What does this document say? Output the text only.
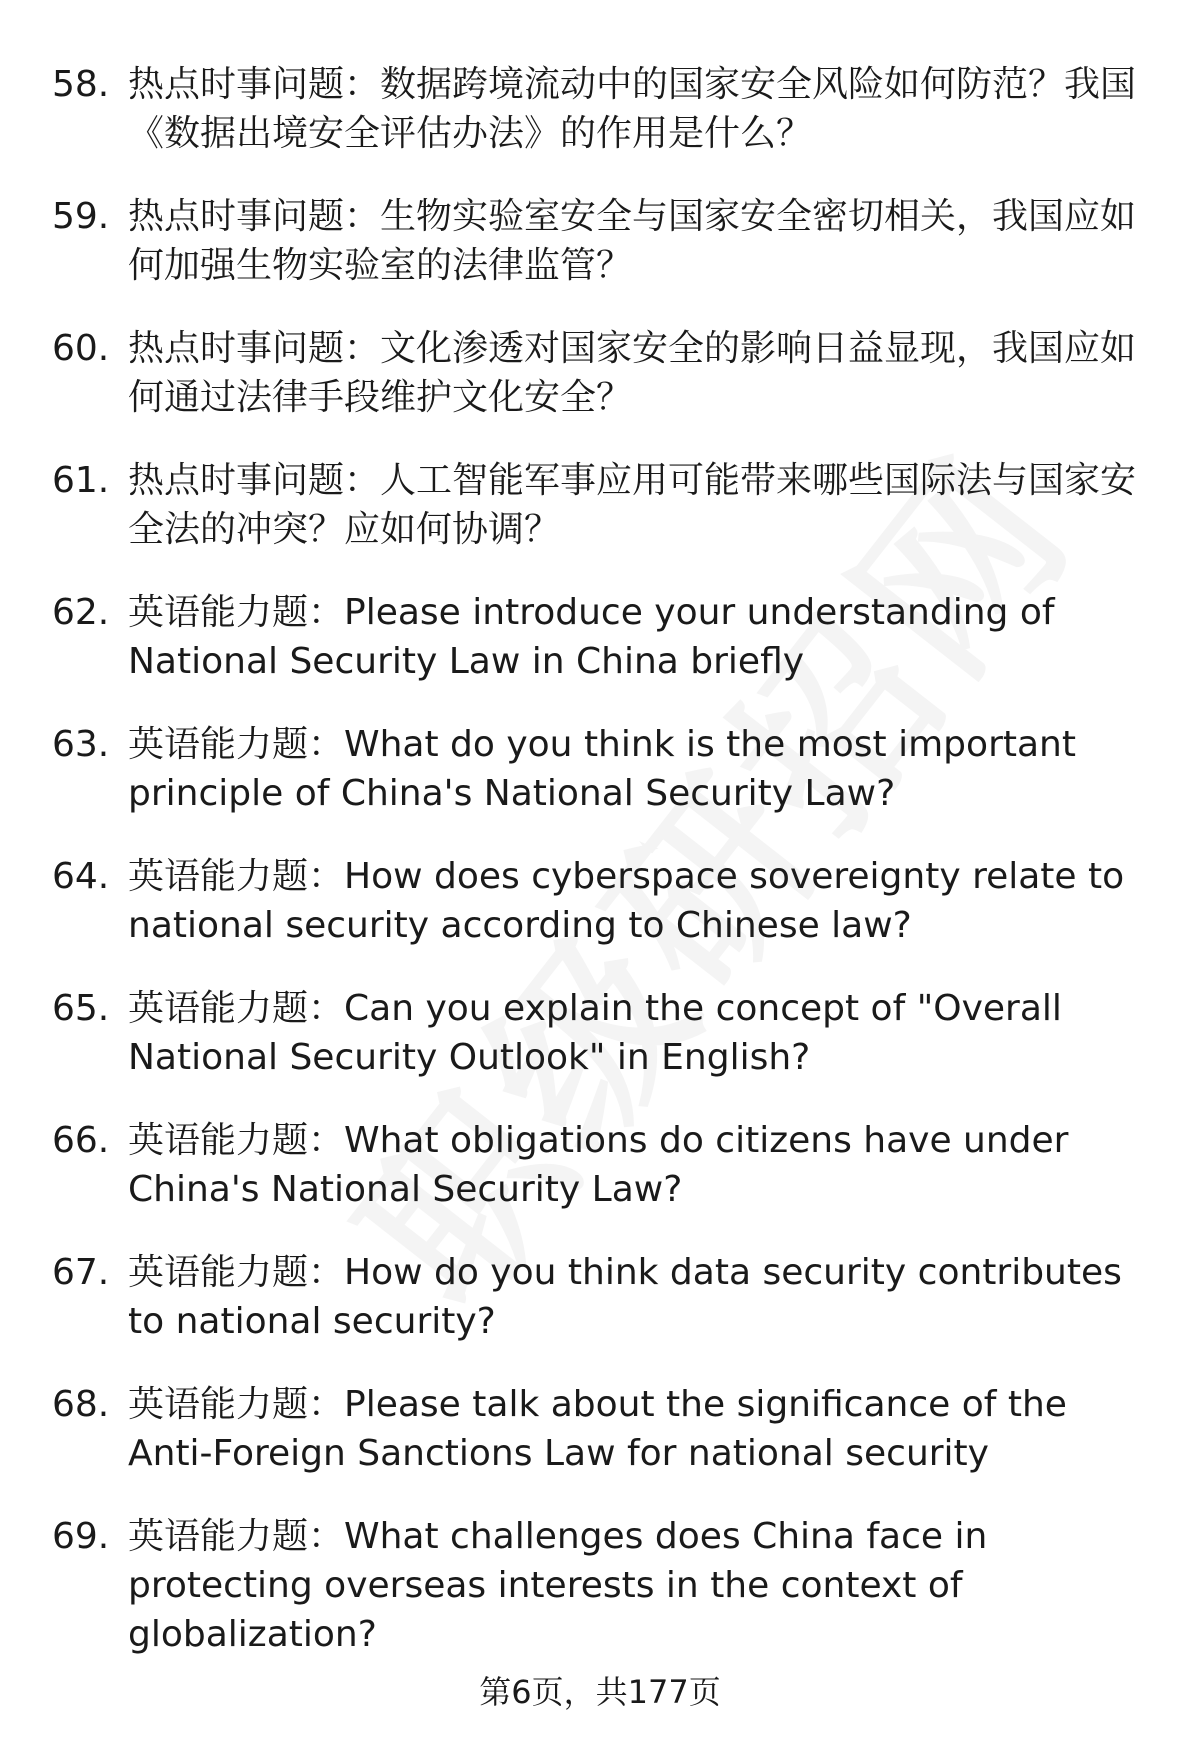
58. 热点时事问题：数据跨境流动中的国家安全风险如何防范？我国《数据出境安全评估办法》的作用是什么？
59. 热点时事问题：生物实验室安全与国家安全密切相关，我国应如何加强生物实验室的法律监管？
60. 热点时事问题：文化渗透对国家安全的影响日益显现，我国应如何通过法律手段维护文化安全？
61. 热点时事问题：人工智能军事应用可能带来哪些国际法与国家安全法的冲突？应如何协调？
62. 英语能力题：Please introduce your understanding of National Security Law in China briefly
63. 英语能力题：What do you think is the most important principle of China's National Security Law?
64. 英语能力题：How does cyberspace sovereignty relate to national security according to Chinese law?
65. 英语能力题：Can you explain the concept of "Overall National Security Outlook" in English?
66. 英语能力题：What obligations do citizens have under China's National Security Law?
67. 英语能力题：How do you think data security contributes to national security?
68. 英语能力题：Please talk about the significance of the Anti-Foreign Sanctions Law for national security
69. 英语能力题：What challenges does China face in protecting overseas interests in the context of globalization?
第6页，共177页
